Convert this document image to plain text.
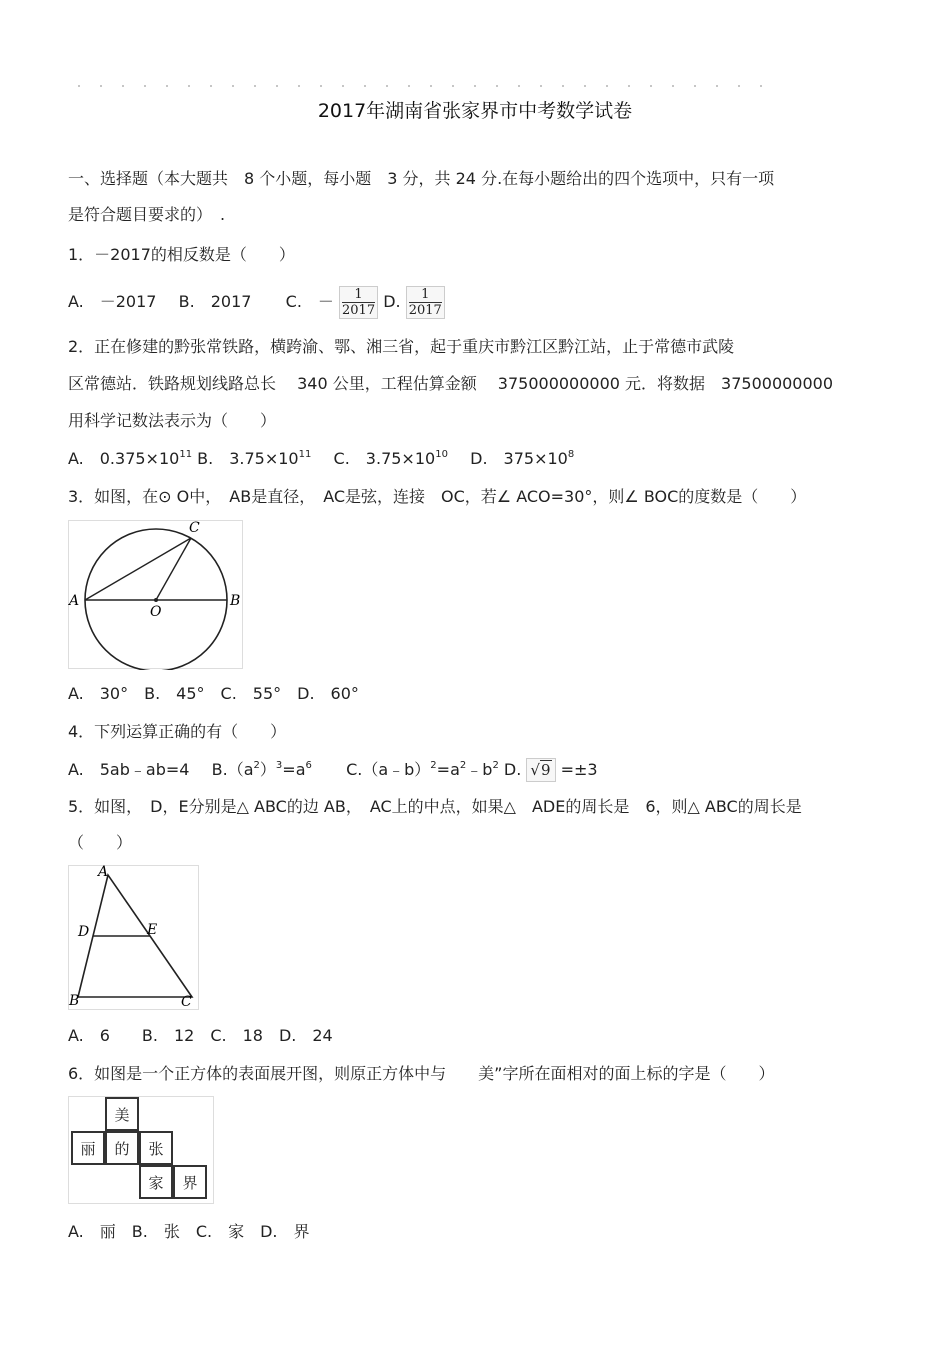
2017年湖南省张家界市中考数学试卷
一、选择题（本大题共　8 个小题，每小题　3 分，共 24 分.在每小题给出的四个选项中，只有一项
是符合题目要求的）　.
1．－2017的相反数是（　　）
A.　－2017 B.　2017 C.　－ $\frac{1}{2017} D$. $\frac{1}{2017}$
2．正在修建的黔张常铁路，横跨渝、鄂、湘三省，起于重庆市黔江区黔江站，止于常德市武陵
区常德站．铁路规划线路总长　 340 公里，工程估算金额　 375000000000 元．将数据　37500000000
用科学记数法表示为（　　）
A.　$0.375\times 10^{11}$ B.　$3.75\times 10^{11}$ C.　$3.75\times 10^{10}$ D.　$375\times 10^8$
3．如图，在⊙ O中，　AB是直径，　AC是弦，连接　OC，若∠ ACO=30°，则∠ BOC的度数是（　　）
A	B
C
O
A.　30°　B.　45°　C.　55°　D.　60°
4．下列运算正确的有（　　）
A.　5ab﹣ab=4 $B.(a^2)^3=a^6$ $C.(a﹣b)^2=a^2﹣b^2$ D. √9 =±3
5．如图，　D，E分别是△ ABC的边 AB，　AC上的中点，如果△　ADE的周长是　6，则△ ABC的周长是
（　　）
A
B	C
D	E
A.　6　　B.　12　C.　18　D.　24
6．如图是一个正方体的表面展开图，则原正方体中与　　美”字所在面相对的面上标的字是（　　）
美
丽	的	张
家	界
A.　丽　B.　张　C.　家　D.　界
